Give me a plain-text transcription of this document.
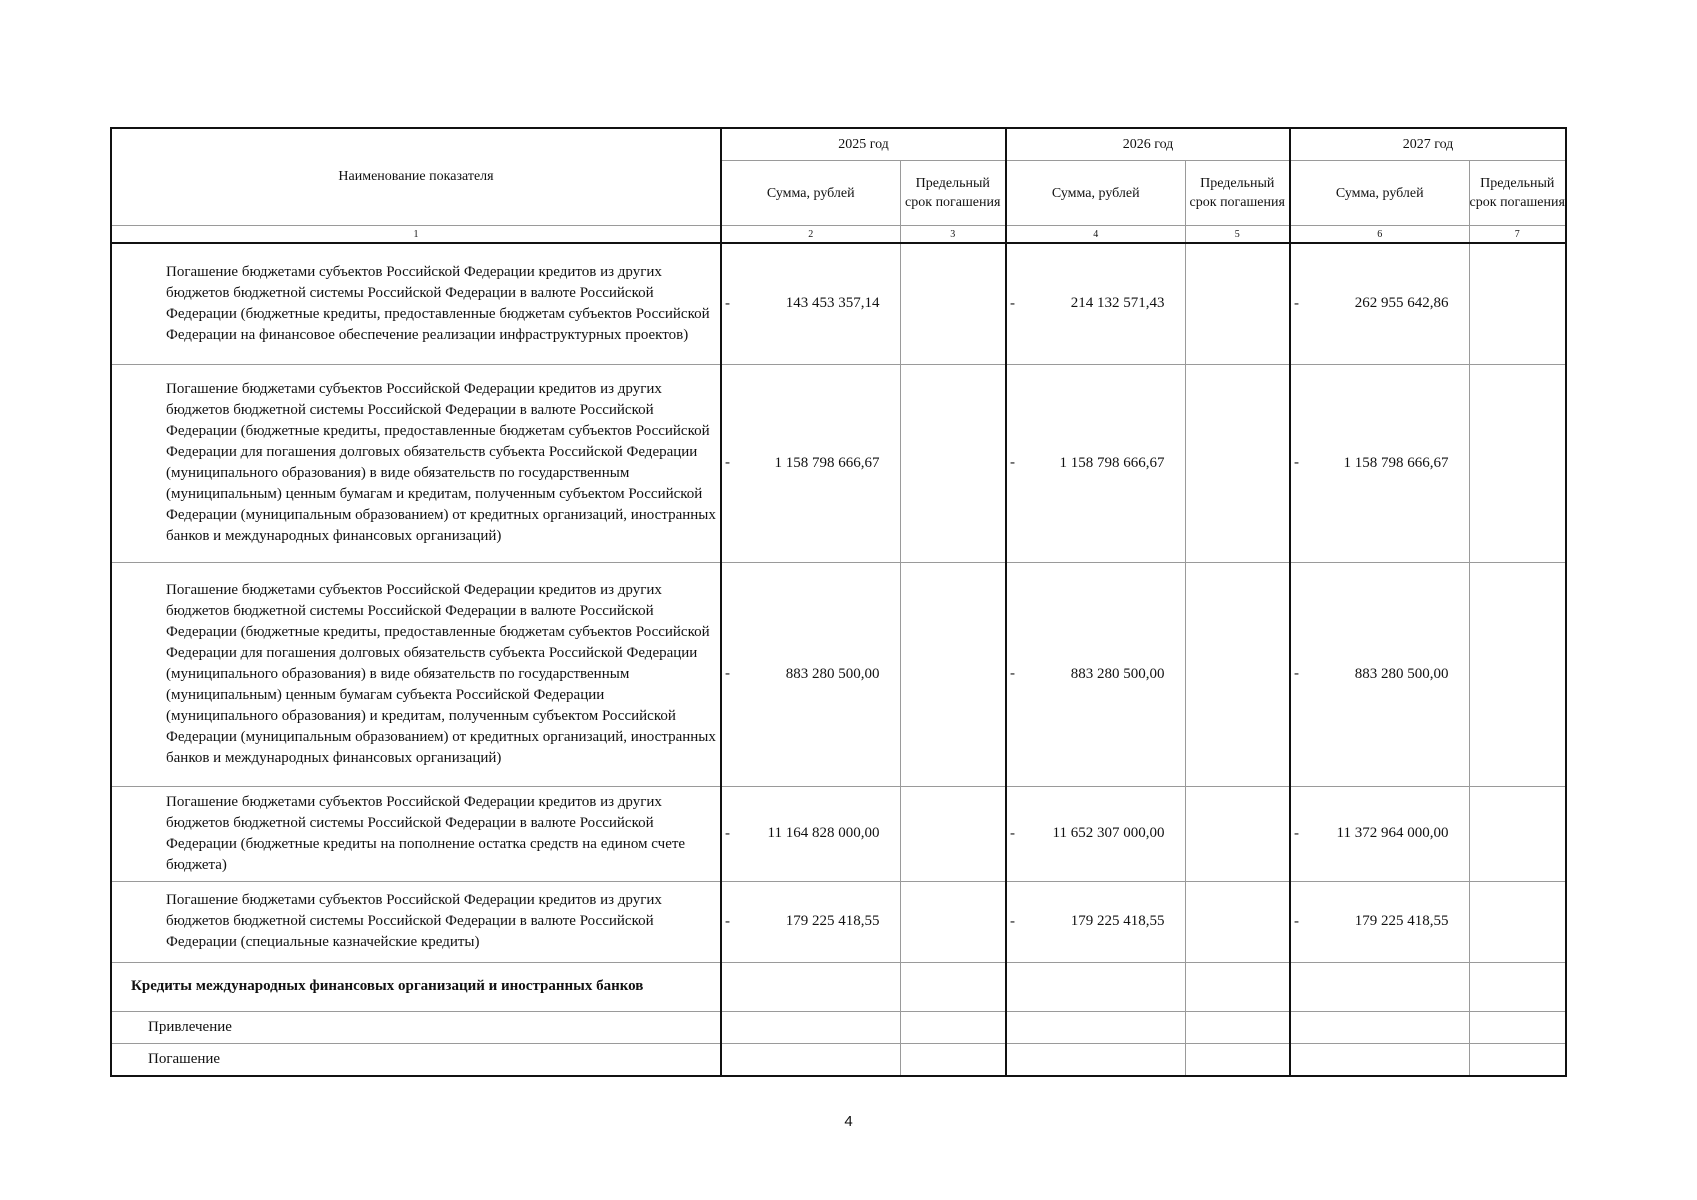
Наименование показателя	2025 год		2026 год		2027 год	
	Сумма, рублей	Предельный срок погашения	Сумма, рублей	Предельный срок погашения	Сумма, рублей	Предельный срок погашения
1	2	3	4	5	6	7
Погашение бюджетами субъектов Российской Федерации кредитов из других бюджетов бюджетной системы Российской Федерации в валюте Российской Федерации (бюджетные кредиты, предоставленные бюджетам субъектов Российской Федерации на финансовое обеспечение реализации инфраструктурных проектов)	- 143 453 357,14		- 214 132 571,43		- 262 955 642,86	
Погашение бюджетами субъектов Российской Федерации кредитов из других бюджетов бюджетной системы Российской Федерации в валюте Российской Федерации (бюджетные кредиты, предоставленные бюджетам субъектов Российской Федерации для погашения долговых обязательств субъекта Российской Федерации (муниципального образования) в виде обязательств по государственным (муниципальным) ценным бумагам и кредитам, полученным субъектом Российской Федерации (муниципальным образованием) от кредитных организаций, иностранных банков и международных финансовых организаций)	- 1 158 798 666,67		- 1 158 798 666,67		- 1 158 798 666,67	
Погашение бюджетами субъектов Российской Федерации кредитов из других бюджетов бюджетной системы Российской Федерации в валюте Российской Федерации (бюджетные кредиты, предоставленные бюджетам субъектов Российской Федерации для погашения долговых обязательств субъекта Российской Федерации (муниципального образования) в виде обязательств по государственным (муниципальным) ценным бумагам субъекта Российской Федерации (муниципального образования) и кредитам, полученным субъектом Российской Федерации (муниципальным образованием) от кредитных организаций, иностранных банков и международных финансовых организаций)	- 883 280 500,00		- 883 280 500,00		- 883 280 500,00	
Погашение бюджетами субъектов Российской Федерации кредитов из других бюджетов бюджетной системы Российской Федерации в валюте Российской Федерации (бюджетные кредиты на пополнение остатка средств на едином счете бюджета)	- 11 164 828 000,00		- 11 652 307 000,00		- 11 372 964 000,00	
Погашение бюджетами субъектов Российской Федерации кредитов из других бюджетов бюджетной системы Российской Федерации в валюте Российской Федерации (специальные казначейские кредиты)	- 179 225 418,55		- 179 225 418,55		- 179 225 418,55	
Кредиты международных финансовых организаций и иностранных банков						
Привлечение						
Погашение						
4
